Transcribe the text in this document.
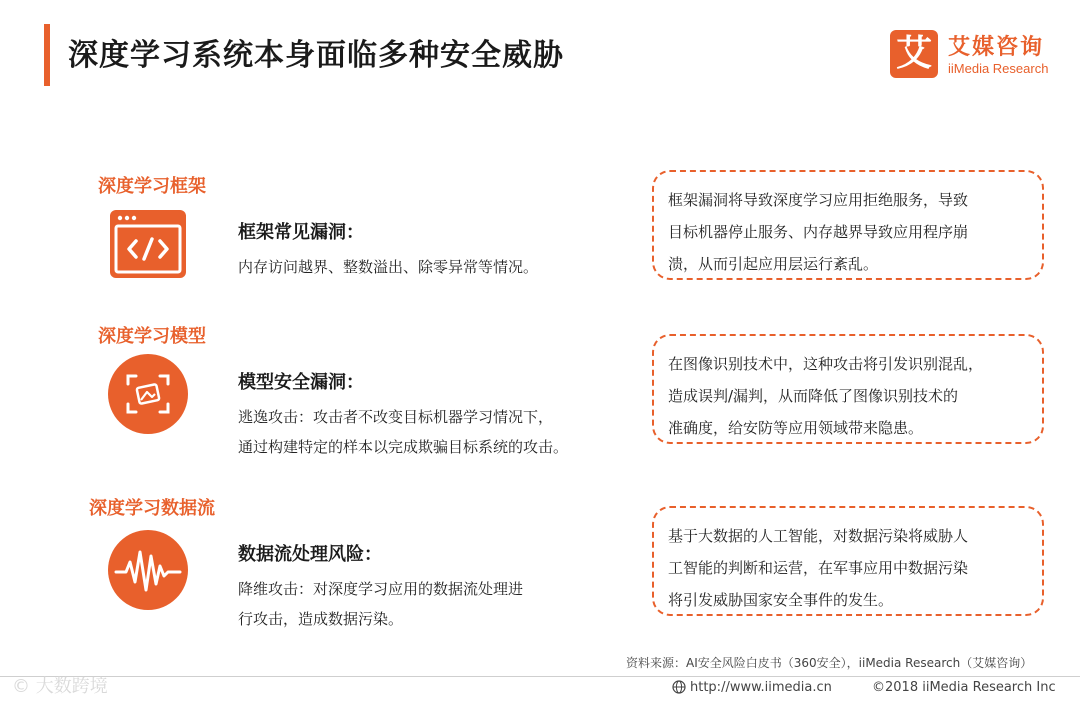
深度学习系统本身面临多种安全威胁	艾 艾媒咨询
iiMedia Research
深度学习框架
框架常见漏洞：
内存访问越界、整数溢出、除零异常等情况。
框架漏洞将导致深度学习应用拒绝服务，导致
目标机器停止服务、内存越界导致应用程序崩
溃，从而引起应用层运行紊乱。
深度学习模型
模型安全漏洞：
逃逸攻击：攻击者不改变目标机器学习情况下，
通过构建特定的样本以完成欺骗目标系统的攻击。
在图像识别技术中，这种攻击将引发识别混乱，
造成误判/漏判，从而降低了图像识别技术的
准确度，给安防等应用领域带来隐患。
深度学习数据流
数据流处理风险：
降维攻击：对深度学习应用的数据流处理进
行攻击，造成数据污染。
基于大数据的人工智能，对数据污染将威胁人
工智能的判断和运营，在军事应用中数据污染
将引发威胁国家安全事件的发生。
资料来源：AI安全风险白皮书（360安全），iiMedia Research（艾媒咨询）
© 大数跨境	http://www.iimedia.cn	©2018 iiMedia Research Inc
